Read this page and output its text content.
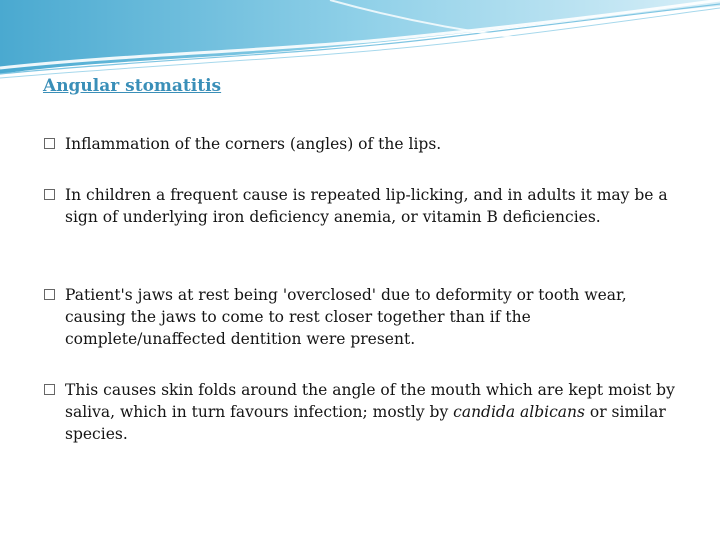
Angular stomatitis
Inflammation of the corners (angles) of the lips.
In children a frequent cause is repeated lip-licking, and in adults it may be a sign of underlying iron deficiency anemia, or vitamin B deficiencies.
Patient's jaws at rest being 'overclosed' due to deformity or tooth wear, causing the jaws to come to rest closer together than if the complete/unaffected dentition were present.
This causes skin folds around the angle of the mouth which are kept moist by saliva, which in turn favours infection; mostly by candida albicans or similar species.
